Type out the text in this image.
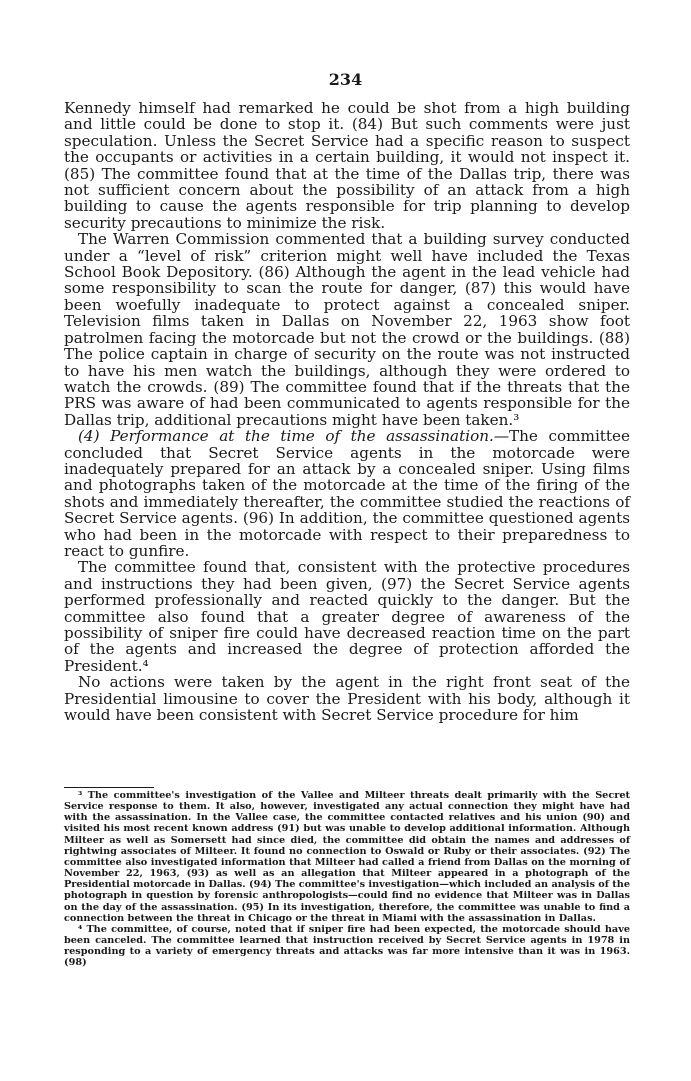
234

Kennedy himself had remarked he could be shot from a high building and little could be done to stop it. (84) But such comments were just speculation. Unless the Secret Service had a specific reason to suspect the occupants or activities in a certain building, it would not inspect it. (85) The committee found that at the time of the Dallas trip, there was not sufficient concern about the possibility of an attack from a high building to cause the agents responsible for trip planning to develop security precautions to minimize the risk.

The Warren Commission commented that a building survey conducted under a “level of risk” criterion might well have included the Texas School Book Depository. (86) Although the agent in the lead vehicle had some responsibility to scan the route for danger, (87) this would have been woefully inadequate to protect against a concealed sniper. Television films taken in Dallas on November 22, 1963 show foot patrolmen facing the motorcade but not the crowd or the buildings. (88) The police captain in charge of security on the route was not instructed to have his men watch the buildings, although they were ordered to watch the crowds. (89) The committee found that if the threats that the PRS was aware of had been communicated to agents responsible for the Dallas trip, additional precautions might have been taken.³

(4) Performance at the time of the assassination.—The committee concluded that Secret Service agents in the motorcade were inadequately prepared for an attack by a concealed sniper. Using films and photographs taken of the motorcade at the time of the firing of the shots and immediately thereafter, the committee studied the reactions of Secret Service agents. (96) In addition, the committee questioned agents who had been in the motorcade with respect to their preparedness to react to gunfire.

The committee found that, consistent with the protective procedures and instructions they had been given, (97) the Secret Service agents performed professionally and reacted quickly to the danger. But the committee also found that a greater degree of awareness of the possibility of sniper fire could have decreased reaction time on the part of the agents and increased the degree of protection afforded the President.⁴

No actions were taken by the agent in the right front seat of the Presidential limousine to cover the President with his body, although it would have been consistent with Secret Service procedure for him

³ The committee's investigation of the Vallee and Milteer threats dealt primarily with the Secret Service response to them. It also, however, investigated any actual connection they might have had with the assassination. In the Vallee case, the committee contacted relatives and his union (90) and visited his most recent known address (91) but was unable to develop additional information. Although Milteer as well as Somersett had since died, the committee did obtain the names and addresses of rightwing associates of Milteer. It found no connection to Oswald or Ruby or their associates. (92) The committee also investigated information that Milteer had called a friend from Dallas on the morning of November 22, 1963, (93) as well as an allegation that Milteer appeared in a photograph of the Presidential motorcade in Dallas. (94) The committee's investigation—which included an analysis of the photograph in question by forensic anthropologists—could find no evidence that Milteer was in Dallas on the day of the assassination. (95) In its investigation, therefore, the committee was unable to find a connection between the threat in Chicago or the threat in Miami with the assassination in Dallas.

⁴ The committee, of course, noted that if sniper fire had been expected, the motorcade should have been canceled. The committee learned that instruction received by Secret Service agents in 1978 in responding to a variety of emergency threats and attacks was far more intensive than it was in 1963. (98)
